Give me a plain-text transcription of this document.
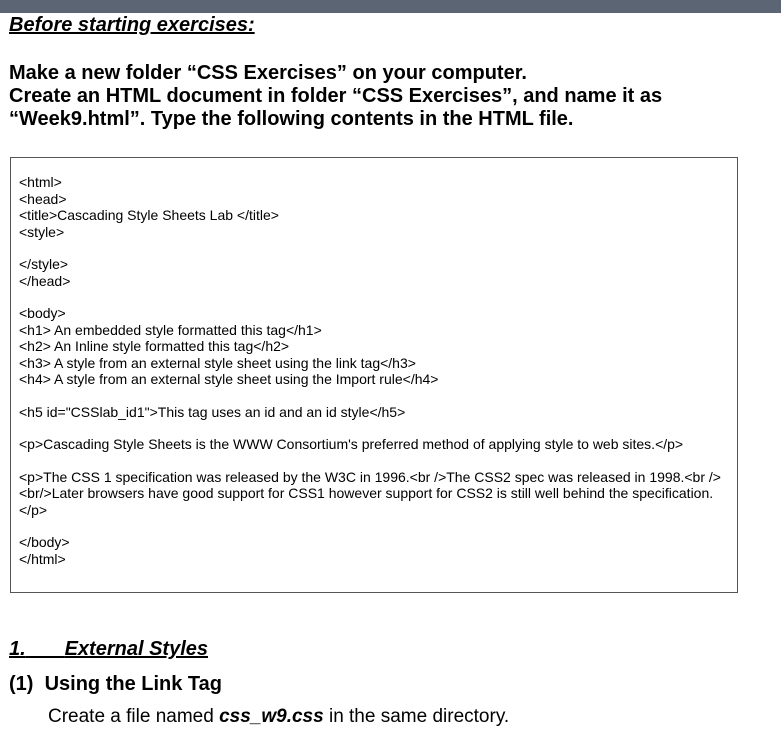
Before starting exercises:
Make a new folder “CSS Exercises” on your computer.
Create an HTML document in folder “CSS Exercises”, and name it as
“Week9.html”. Type the following contents in the HTML file.

<html>

<head>

<title>Cascading Style Sheets Lab </title>

<style>

</style>

</head>

<body>

<h1> An embedded style formatted this tag</h1>

<h2> An Inline style formatted this tag</h2>

<h3> A style from an external style sheet using the link tag</h3>

<h4> A style from an external style sheet using the Import rule</h4>

<h5 id="CSSlab_id1">This tag uses an id and an id style</h5>

<p>Cascading Style Sheets is the WWW Consortium's preferred method of applying style to web sites.</p>

<p>The CSS 1 specification was released by the W3C in 1996.<br />The CSS2 spec was released in 1998.<br /><br/>Later browsers have good support for CSS1 however support for CSS2 is still well behind the specification.</p>

</body>

</html>

1. External Styles
(1) Using the Link Tag
Create a file named css_w9.css in the same directory.
